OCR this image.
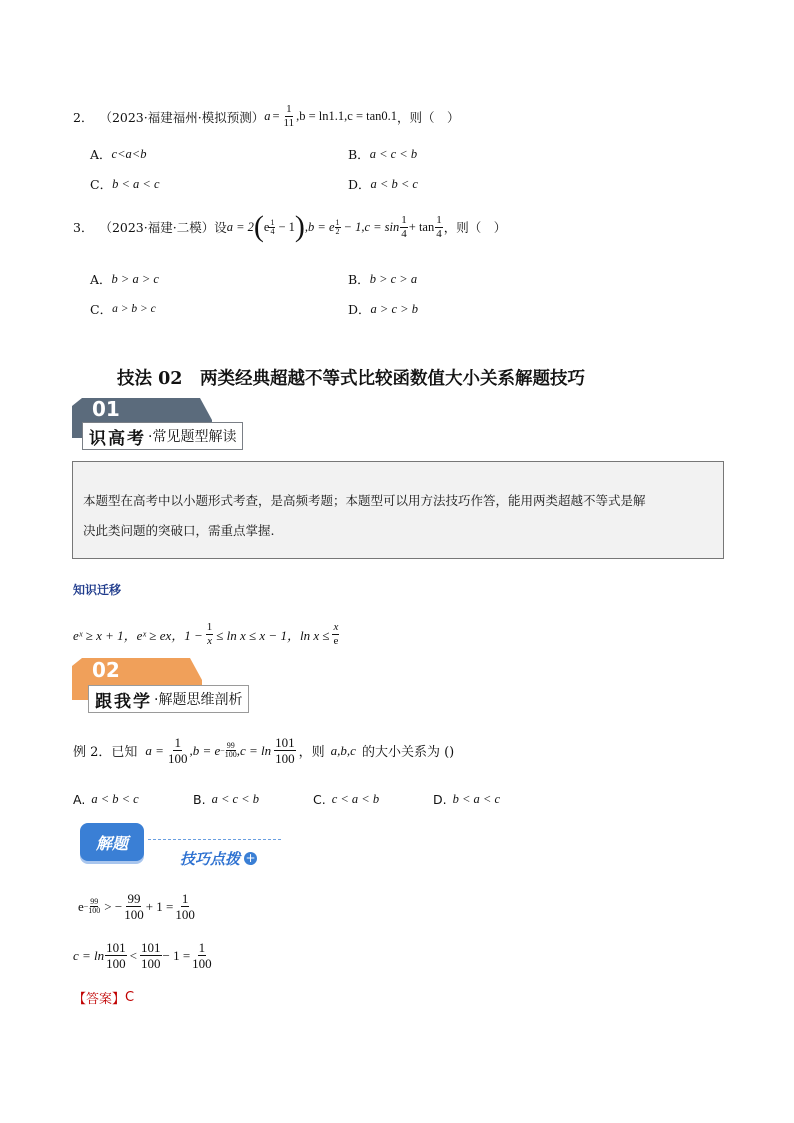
2． （2023·福建福州·模拟预测） $a = \frac{1}{11} ,b = \ln 1.1,c = \tan 0.1$ ，则（　）
A． c<a<b	B． a < c < b
C． b < a < c	D． a < b < c
3． （2023·福建·二模）设 a = 2 ( e 1
4 − 1 ) ,b = e 1
$2 - 1,c = \sin \frac{1}{4} + \tan \frac{1}{4}$ ，则（　）
A． b > a > c	B． b > c > a
C． a > b > c	D． a > c > b
技法 02　两类经典超越不等式比较函数值大小关系解题技巧
01
识高考 ·常见题型解读
本题型在高考中以小题形式考查，是高频考题；本题型可以用方法技巧作答，能用两类超越不等式是解
决此类问题的突破口，需重点掌握.
知识迁移
eˣ ≥ x + 1，eˣ ≥ ex，$1 - \frac{1}{x} \le \ln x \le x - 1$，$\ln x \le \frac{x}{e}$
02
跟我学 ·解题思维剖析
例 2．已知 $a = \frac{1}{100} ,b = e - \frac{99}{100} ,c = \ln \frac{101}{100}$ ，则 a,b,c 的大小关系为 ()
A. a < b < c	B. a < c < b	C. c < a < b	D. b < a < c
解题
技巧点拨 +
$e - \frac{99}{100}$ > − $\frac{99}{100} + 1 = \frac{1}{100}$
$c = \ln \frac{101}{100} < \frac{101}{100} - 1 = \frac{1}{100}$
【答案】 C
